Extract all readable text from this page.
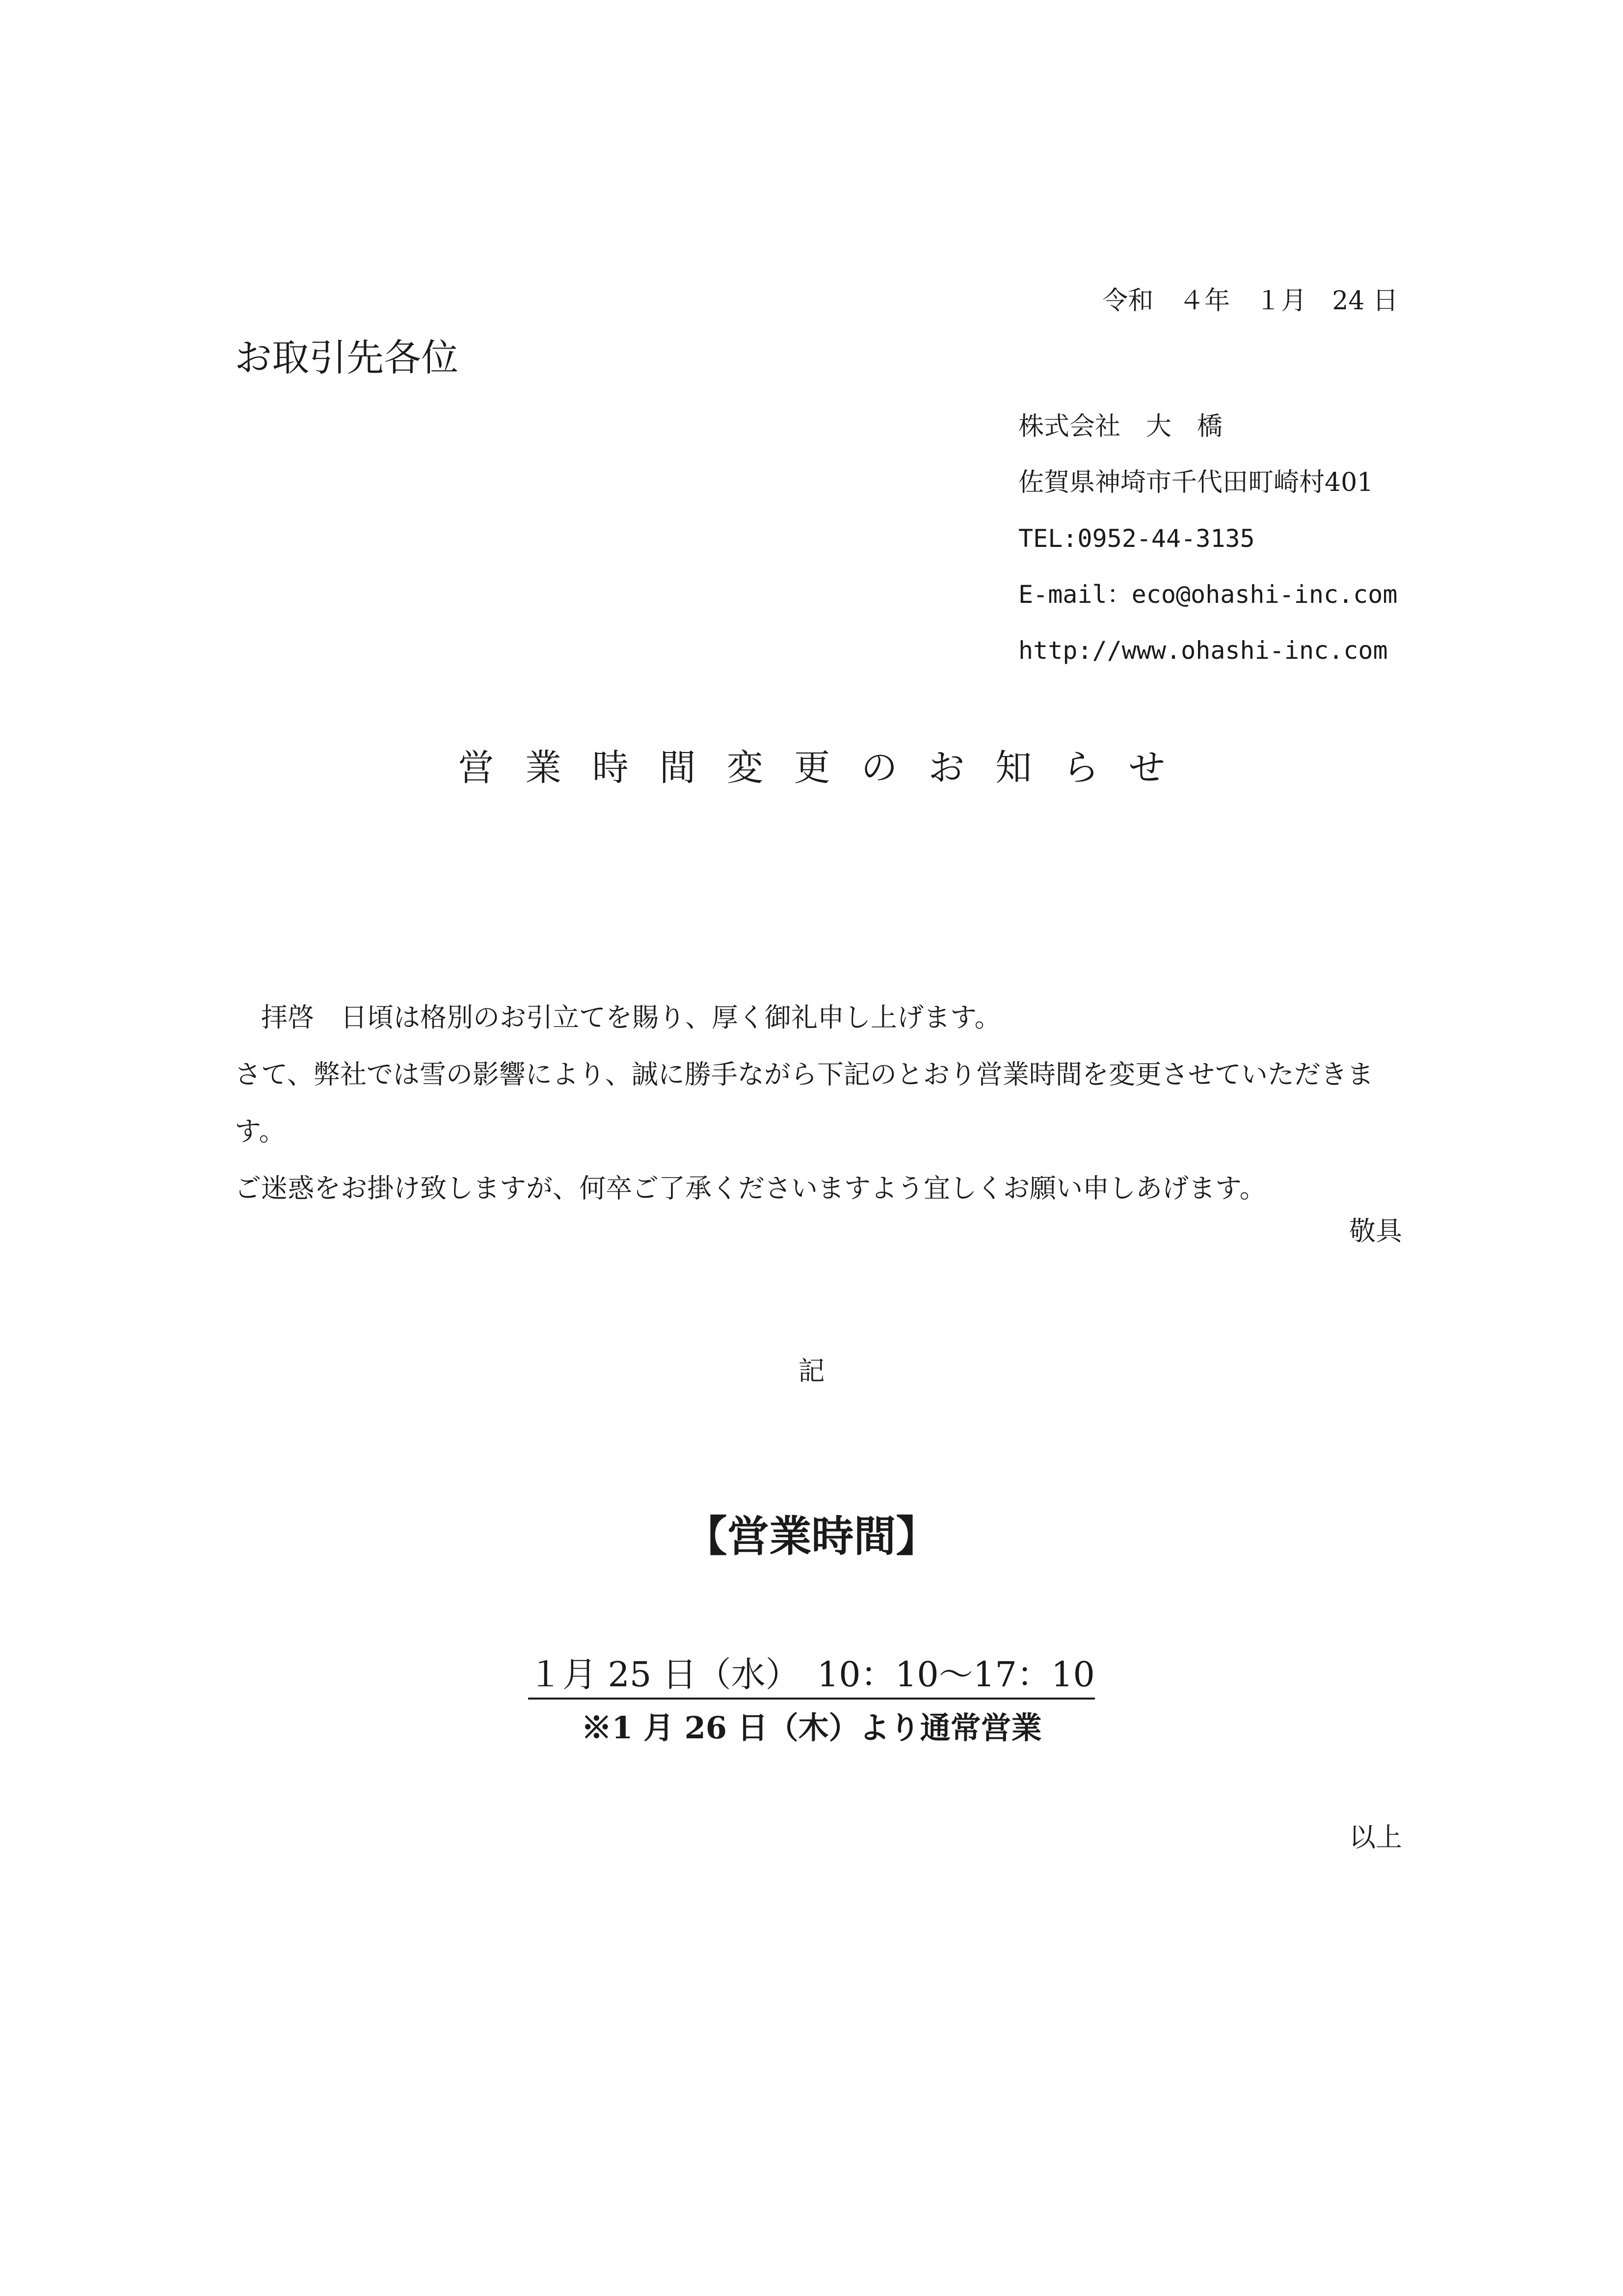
令和　４年　１月　24 日
お取引先各位
株式会社　大　橋
佐賀県神埼市千代田町崎村401
TEL:0952-44-3135
E-mail：eco@ohashi-inc.com
http://www.ohashi-inc.com
営業時間変更のお知らせ

拝啓　日頃は格別のお引立てを賜り、厚く御礼申し上げます。

さて、弊社では雪の影響により、誠に勝手ながら下記のとおり営業時間を変更させていただきます。

ご迷惑をお掛け致しますが、何卒ご了承くださいますよう宜しくお願い申しあげます。

敬具
記
【営業時間】
１月 25 日（水）　10：10～17：10
※1 月 26 日（木）より通常営業
以上
